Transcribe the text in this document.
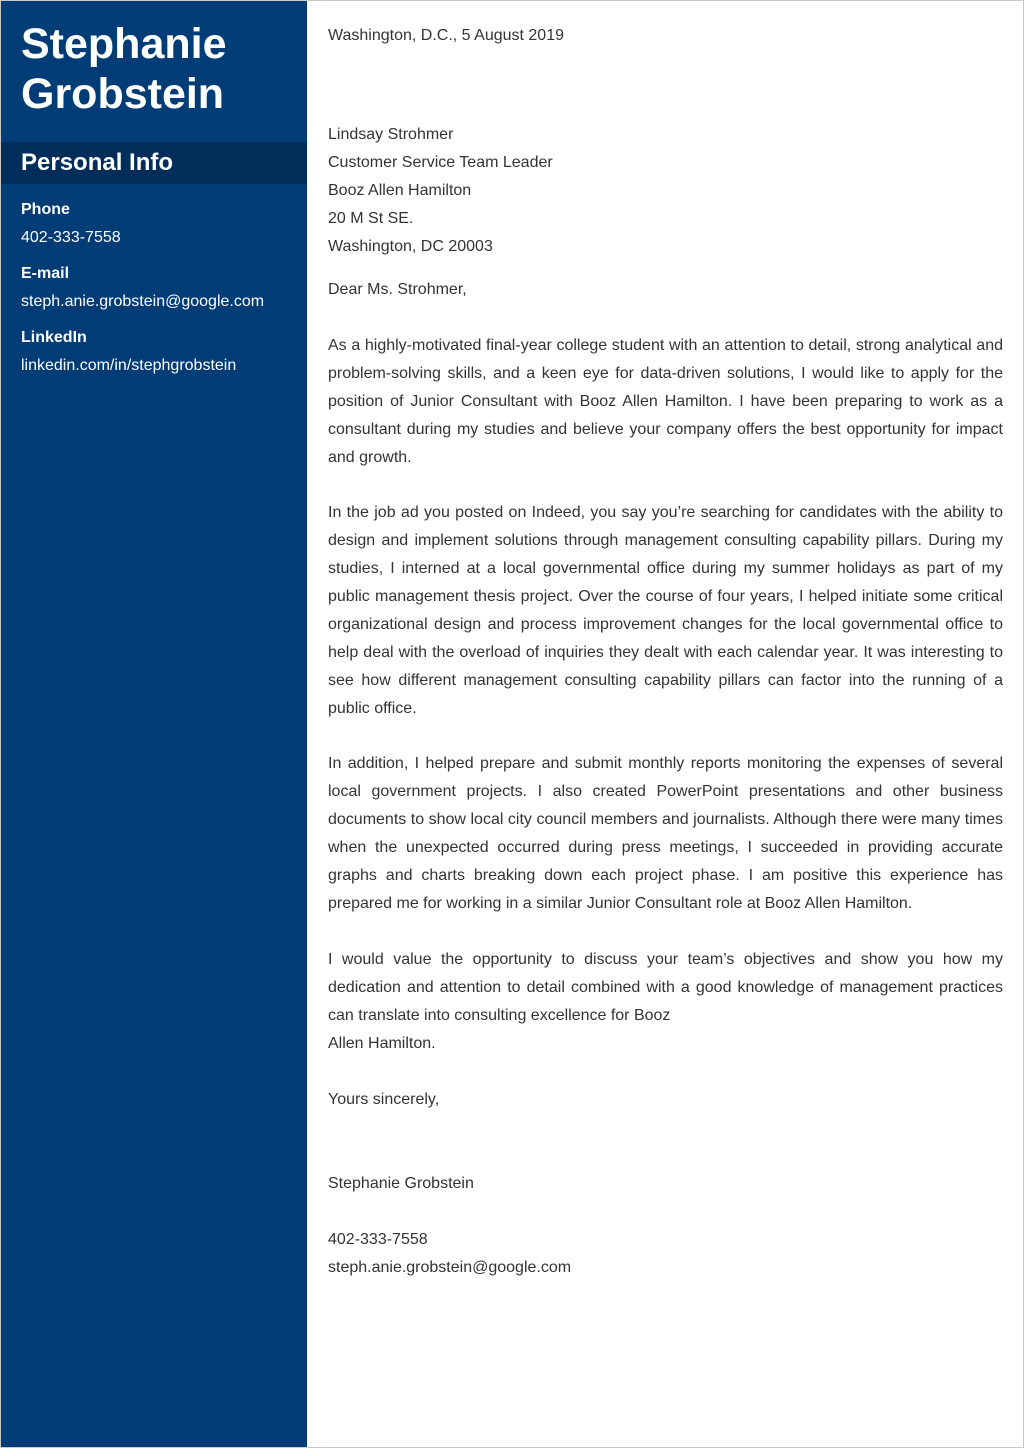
Stephanie
Grobstein
Personal Info
Phone
402-333-7558
E-mail
steph.anie.grobstein@google.com
LinkedIn
linkedin.com/in/stephgrobstein
Washington, D.C., 5 August 2019
Lindsay Strohmer
Customer Service Team Leader
Booz Allen Hamilton
20 M St SE.
Washington, DC 20003
Dear Ms. Strohmer,

As a highly-motivated final-year college student with an attention to detail, strong analytical and problem-solving skills, and a keen eye for data-driven solutions, I would like to apply for the position of Junior Consultant with Booz Allen Hamilton. I have been preparing to work as a consultant during my studies and believe your company offers the best opportunity for impact and growth.

In the job ad you posted on Indeed, you say you’re searching for candidates with the ability to design and implement solutions through management consulting capability pillars. During my studies, I interned at a local governmental office during my summer holidays as part of my public management thesis project. Over the course of four years, I helped initiate some critical organizational design and process improvement changes for the local governmental office to help deal with the overload of inquiries they dealt with each calendar year. It was interesting to see how different management consulting capability pillars can factor into the running of a public office.

In addition, I helped prepare and submit monthly reports monitoring the expenses of several local government projects. I also created PowerPoint presentations and other business documents to show local city council members and journalists. Although there were many times when the unexpected occurred during press meetings, I succeeded in providing accurate graphs and charts breaking down each project phase. I am positive this experience has prepared me for working in a similar Junior Consultant role at Booz Allen Hamilton.

I would value the opportunity to discuss your team’s objectives and show you how my dedication and attention to detail combined with a good knowledge of management practices can translate into consulting excellence for Booz

Allen Hamilton.
Yours sincerely,
Stephanie Grobstein
402-333-7558
steph.anie.grobstein@google.com
